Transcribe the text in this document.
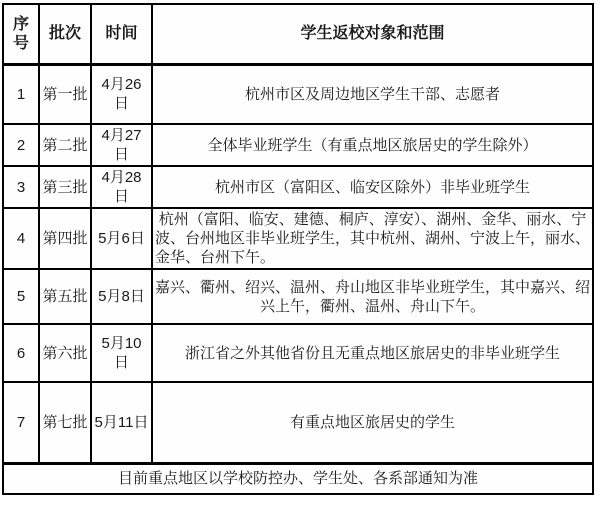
序号	批次	时间	学生返校对象和范围
1	第一批	4月26日	杭州市区及周边地区学生干部、志愿者
2	第二批	4月27日	全体毕业班学生（有重点地区旅居史的学生除外）
3	第三批	4月28日	杭州市区（富阳区、临安区除外）非毕业班学生
4	第四批	5月6日	杭州（富阳、临安、建德、桐庐、淳安）、湖州、金华、丽水、宁波、台州地区非毕业班学生，其中杭州、湖州、宁波上午，丽水、金华、台州下午。
5	第五批	5月8日	嘉兴、衢州、绍兴、温州、舟山地区非毕业班学生，其中嘉兴、绍兴上午，衢州、温州、舟山下午。
6	第六批	5月10日	浙江省之外其他省份且无重点地区旅居史的非毕业班学生
7	第七批	5月11日	有重点地区旅居史的学生
目前重点地区以学校防控办、学生处、各系部通知为准			
